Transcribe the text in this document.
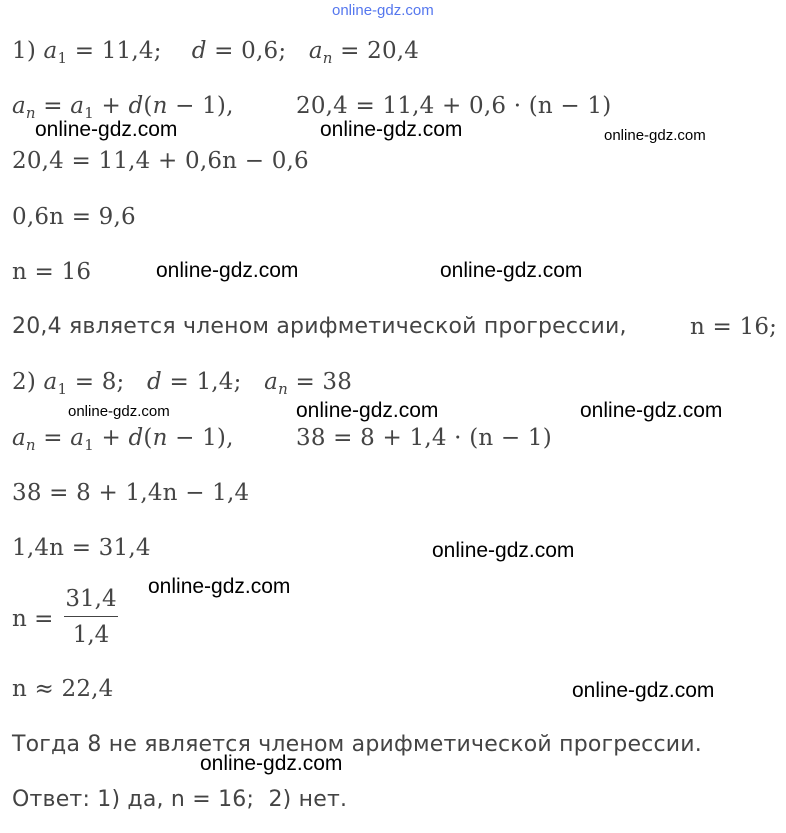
online-gdz.com
1) $a_1 = 11,4$; d = 0,6; $a_n = 20,4$
$a_n = a_1 + d(n - 1)$,	20,4 = 11,4 + 0,6 · (n − 1)
20,4 = 11,4 + 0,6n − 0,6
0,6n = 9,6
n = 16
20,4 является членом арифметической прогрессии,	n = 16;
2) $a_1 = 8$; d = 1,4; $a_n = 38$
$a_n = a_1 + d(n - 1)$,	38 = 8 + 1,4 · (n − 1)
38 = 8 + 1,4n − 1,4
1,4n = 31,4
n =
31,4
1,4
n ≈ 22,4
Тогда 8 не является членом арифметической прогрессии.
Ответ: 1) да, n = 16;  2) нет.
online-gdz.com	online-gdz.com	online-gdz.com
online-gdz.com	online-gdz.com
online-gdz.com	online-gdz.com	online-gdz.com
online-gdz.com
online-gdz.com
online-gdz.com
online-gdz.com
